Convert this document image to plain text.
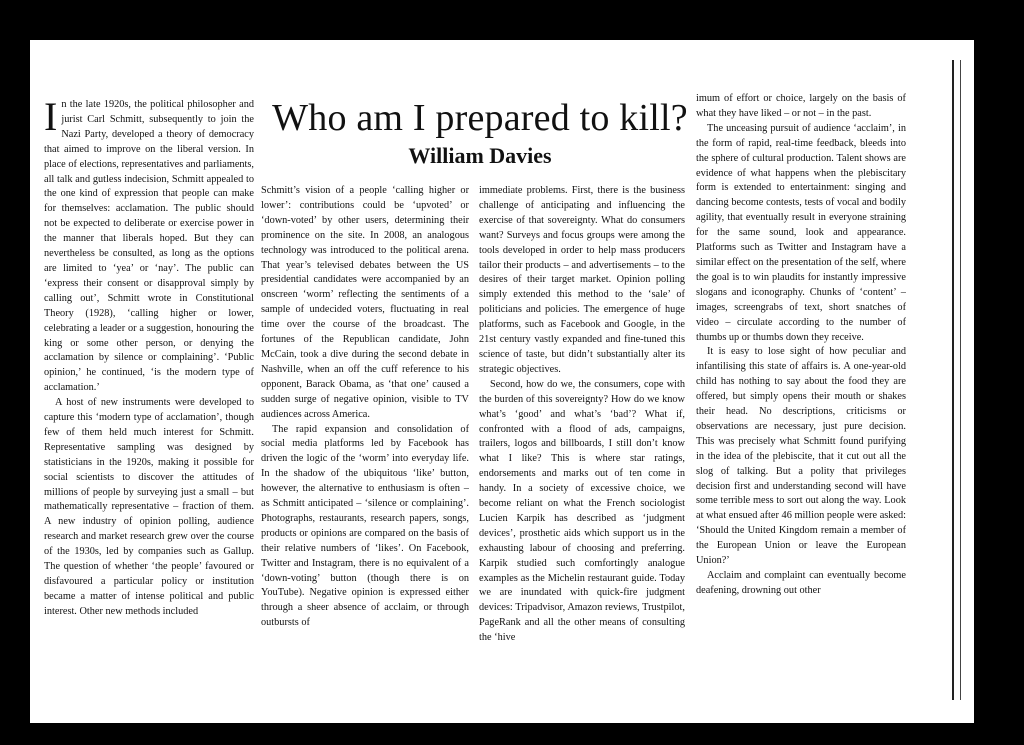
Who am I prepared to kill?
William Davies

In the late 1920s, the political philosopher and jurist Carl Schmitt, subsequently to join the Nazi Party, developed a theory of democracy that aimed to improve on the liberal version. In place of elections, representatives and parliaments, all talk and gutless indecision, Schmitt appealed to the one kind of expression that people can make for themselves: acclamation. The public should not be expected to deliberate or exercise power in the manner that liberals hoped. But they can nevertheless be consulted, as long as the options are limited to ‘yea’ or ‘nay’. The public can ‘express their consent or disapproval simply by calling out’, Schmitt wrote in Constitutional Theory (1928), ‘calling higher or lower, celebrating a leader or a suggestion, honouring the king or some other person, or denying the acclamation by silence or complaining’. ‘Public opinion,’ he continued, ‘is the modern type of acclamation.’

A host of new instruments were developed to capture this ‘modern type of acclamation’, though few of them held much interest for Schmitt. Representative sampling was designed by statisticians in the 1920s, making it possible for social scientists to discover the attitudes of millions of people by surveying just a small – but mathematically representative – fraction of them. A new industry of opinion polling, audience research and market research grew over the course of the 1930s, led by companies such as Gallup. The question of whether ‘the people’ favoured or disfavoured a particular policy or institution became a matter of intense political and public interest. Other new methods included

Schmitt’s vision of a people ‘calling higher or lower’: contributions could be ‘upvoted’ or ‘down-voted’ by other users, determining their prominence on the site. In 2008, an analogous technology was introduced to the political arena. That year’s televised debates between the US presidential candidates were accompanied by an onscreen ‘worm’ reflecting the sentiments of a sample of undecided voters, fluctuating in real time over the course of the broadcast. The fortunes of the Republican candidate, John McCain, took a dive during the second debate in Nashville, when an off the cuff reference to his opponent, Barack Obama, as ‘that one’ caused a sudden surge of negative opinion, visible to TV audiences across America.

The rapid expansion and consolidation of social media platforms led by Facebook has driven the logic of the ‘worm’ into everyday life. In the shadow of the ubiquitous ‘like’ button, however, the alternative to enthusiasm is often – as Schmitt anticipated – ‘silence or complaining’. Photographs, restaurants, research papers, songs, products or opinions are compared on the basis of their relative numbers of ‘likes’. On Facebook, Twitter and Instagram, there is no equivalent of a ‘down-voting’ button (though there is on YouTube). Negative opinion is expressed either through a sheer absence of acclaim, or through outbursts of

immediate problems. First, there is the business challenge of anticipating and influencing the exercise of that sovereignty. What do consumers want? Surveys and focus groups were among the tools developed in order to help mass producers tailor their products – and advertisements – to the desires of their target market. Opinion polling simply extended this method to the ‘sale’ of politicians and policies. The emergence of huge platforms, such as Facebook and Google, in the 21st century vastly expanded and fine-tuned this science of taste, but didn’t substantially alter its strategic objectives.

Second, how do we, the consumers, cope with the burden of this sovereignty? How do we know what’s ‘good’ and what’s ‘bad’? What if, confronted with a flood of ads, campaigns, trailers, logos and billboards, I still don’t know what I like? This is where star ratings, endorsements and marks out of ten come in handy. In a society of excessive choice, we become reliant on what the French sociologist Lucien Karpik has described as ‘judgment devices’, prosthetic aids which support us in the exhausting labour of choosing and preferring. Karpik studied such comfortingly analogue examples as the Michelin restaurant guide. Today we are inundated with quick-fire judgment devices: Tripadvisor, Amazon reviews, Trustpilot, PageRank and all the other means of consulting the ‘hive

imum of effort or choice, largely on the basis of what they have liked – or not – in the past.

The unceasing pursuit of audience ‘acclaim’, in the form of rapid, real-time feedback, bleeds into the sphere of cultural production. Talent shows are evidence of what happens when the plebiscitary form is extended to entertainment: singing and dancing become contests, tests of vocal and bodily agility, that eventually result in everyone straining for the same sound, look and appearance. Platforms such as Twitter and Instagram have a similar effect on the presentation of the self, where the goal is to win plaudits for instantly impressive slogans and iconography. Chunks of ‘content’ – images, screengrabs of text, short snatches of video – circulate according to the number of thumbs up or thumbs down they receive.

It is easy to lose sight of how peculiar and infantilising this state of affairs is. A one-year-old child has nothing to say about the food they are offered, but simply opens their mouth or shakes their head. No descriptions, criticisms or observations are necessary, just pure decision. This was precisely what Schmitt found purifying in the idea of the plebiscite, that it cut out all the slog of talking. But a polity that privileges decision first and understanding second will have some terrible mess to sort out along the way. Look at what ensued after 46 million people were asked: ‘Should the United Kingdom remain a member of the European Union or leave the European Union?’

Acclaim and complaint can eventually become deafening, drowning out other
